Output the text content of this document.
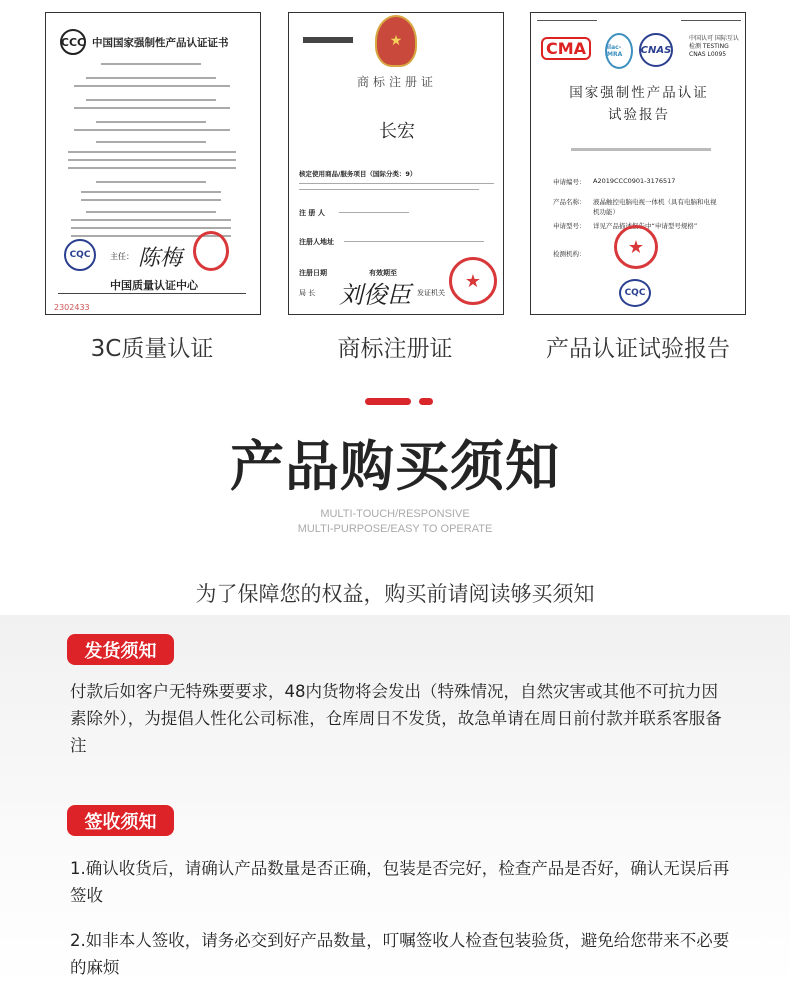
CCC 中国国家强制性产品认证证书
CQC	主任： 陈梅
中国质量认证中心
2302433
3C质量认证
★
商标注册证
长宏
核定使用商品/服务项目（国际分类：9）
注 册 人
注册人地址
注册日期	有效期至
局 长 刘俊臣 发证机关
★
商标注册证
CMA	ilac-MRA	CNAS
中国认可 国际互认 检测 TESTING CNAS L0095
国家强制性产品认证
试验报告
申请编号： A2019CCC0901-3176517
产品名称： 液晶触控电脑电视一体机（具有电脑和电视机功能）
申请型号： 详见产品描述报告中“申请型号规格”
检测机构：	★
CQC
产品认证试验报告
产品购买须知
MULTI-TOUCH/RESPONSIVE
MULTI-PURPOSE/EASY TO OPERATE
为了保障您的权益，购买前请阅读够买须知
发货须知
付款后如客户无特殊要要求，48内货物将会发出（特殊情况，自然灾害或其他不可抗力因素除外），为提倡人性化公司标准，仓库周日不发货，故急单请在周日前付款并联系客服备注
签收须知
1.确认收货后，请确认产品数量是否正确，包装是否完好，检查产品是否好，确认无误后再签收
2.如非本人签收，请务必交到好产品数量，叮嘱签收人检查包装验货，避免给您带来不必要的麻烦
